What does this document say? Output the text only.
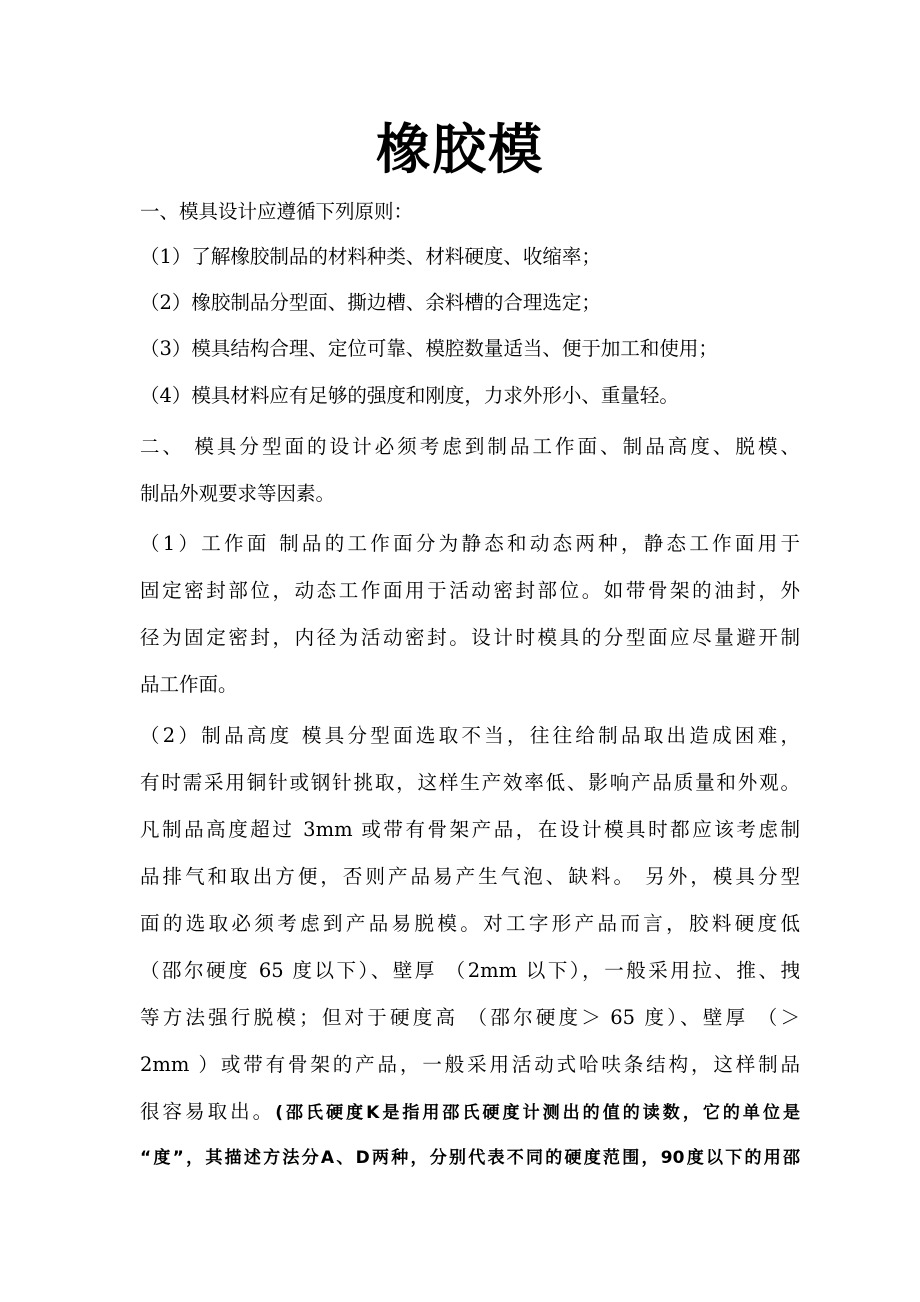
橡胶模
一、模具设计应遵循下列原则：
（1）了解橡胶制品的材料种类、材料硬度、收缩率；
（2）橡胶制品分型面、撕边槽、余料槽的合理选定；
（3）模具结构合理、定位可靠、模腔数量适当、便于加工和使用；
（4）模具材料应有足够的强度和刚度，力求外形小、重量轻。
二、 模具分型面的设计必须考虑到制品工作面、制品高度、脱模、
制品外观要求等因素。
（1）工作面 制品的工作面分为静态和动态两种，静态工作面用于
固定密封部位，动态工作面用于活动密封部位。如带骨架的油封，外
径为固定密封，内径为活动密封。设计时模具的分型面应尽量避开制
品工作面。
（2）制品高度 模具分型面选取不当，往往给制品取出造成困难，
有时需采用铜针或钢针挑取，这样生产效率低、影响产品质量和外观。
凡制品高度超过 3mm 或带有骨架产品，在设计模具时都应该考虑制
品排气和取出方便，否则产品易产生气泡、缺料。 另外，模具分型
面的选取必须考虑到产品易脱模。对工字形产品而言，胶料硬度低
（邵尔硬度 65 度以下）、壁厚 （2mm 以下），一般采用拉、推、拽
等方法强行脱模；但对于硬度高 （邵尔硬度＞ 65 度）、壁厚 （＞
2mm ）或带有骨架的产品，一般采用活动式哈呋条结构，这样制品
很容易取出。(邵氏硬度K是指用邵氏硬度计测出的值的读数，它的单位是
“度”，其描述方法分A、D两种，分别代表不同的硬度范围，90度以下的用邵
